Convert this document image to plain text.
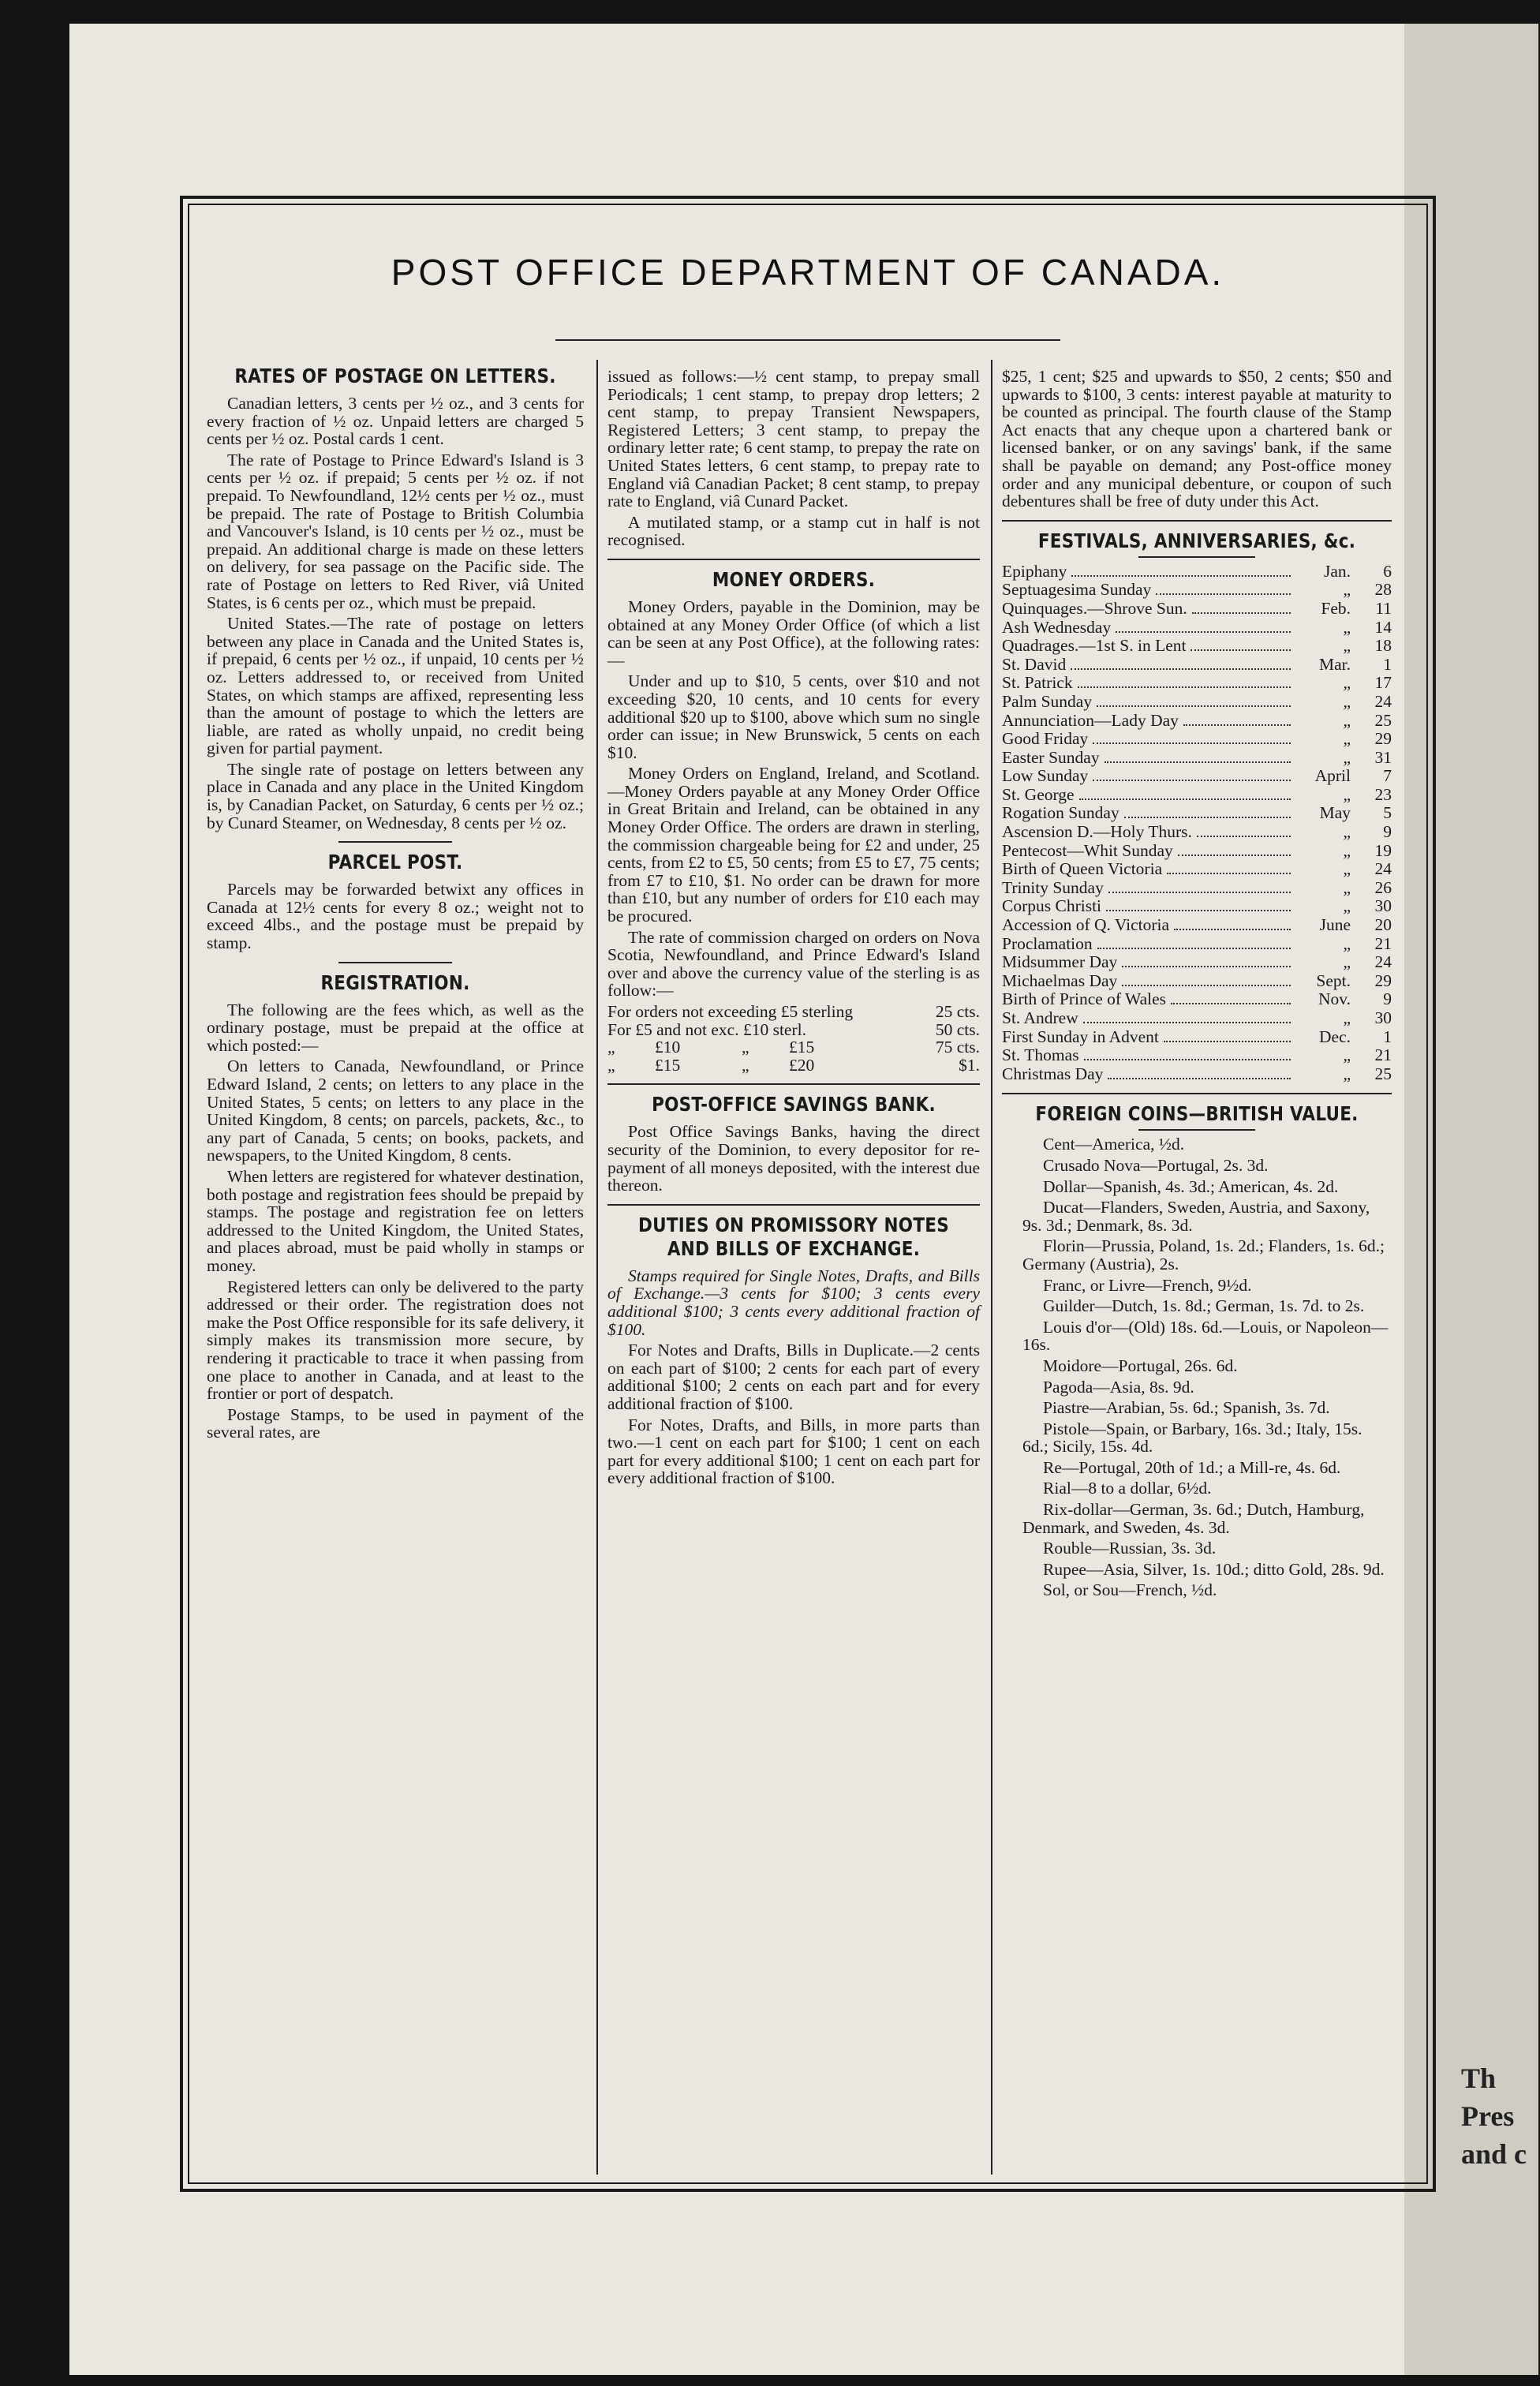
Th
Pres
and c
POST OFFICE DEPARTMENT OF CANADA.
RATES OF POSTAGE ON LETTERS.

Canadian letters, 3 cents per ½ oz., and 3 cents for every fraction of ½ oz. Unpaid letters are charged 5 cents per ½ oz. Postal cards 1 cent.

The rate of Postage to Prince Edward's Island is 3 cents per ½ oz. if prepaid; 5 cents per ½ oz. if not prepaid. To Newfoundland, 12½ cents per ½ oz., must be prepaid. The rate of Postage to British Columbia and Vancouver's Island, is 10 cents per ½ oz., must be prepaid. An additional charge is made on these letters on delivery, for sea passage on the Pacific side. The rate of Postage on letters to Red River, viâ United States, is 6 cents per oz., which must be prepaid.

United States.—The rate of postage on letters between any place in Canada and the United States is, if prepaid, 6 cents per ½ oz., if unpaid, 10 cents per ½ oz. Letters addressed to, or received from United States, on which stamps are affixed, representing less than the amount of postage to which the letters are liable, are rated as wholly unpaid, no credit being given for partial payment.

The single rate of postage on letters between any place in Canada and any place in the United Kingdom is, by Canadian Packet, on Saturday, 6 cents per ½ oz.; by Cunard Steamer, on Wednesday, 8 cents per ½ oz.

PARCEL POST.

Parcels may be forwarded betwixt any offices in Canada at 12½ cents for every 8 oz.; weight not to exceed 4lbs., and the postage must be prepaid by stamp.

REGISTRATION.

The following are the fees which, as well as the ordinary postage, must be prepaid at the office at which posted:—

On letters to Canada, Newfoundland, or Prince Edward Island, 2 cents; on letters to any place in the United States, 5 cents; on letters to any place in the United Kingdom, 8 cents; on parcels, packets, &c., to any part of Canada, 5 cents; on books, packets, and newspapers, to the United Kingdom, 8 cents.

When letters are registered for whatever destination, both postage and registration fees should be prepaid by stamps. The postage and registration fee on letters addressed to the United Kingdom, the United States, and places abroad, must be paid wholly in stamps or money.

Registered letters can only be delivered to the party addressed or their order. The registration does not make the Post Office responsible for its safe delivery, it simply makes its transmission more secure, by rendering it practicable to trace it when passing from one place to another in Canada, and at least to the frontier or port of despatch.

Postage Stamps, to be used in payment of the several rates, are

issued as follows:—½ cent stamp, to prepay small Periodicals; 1 cent stamp, to prepay drop letters; 2 cent stamp, to prepay Transient Newspapers, Registered Letters; 3 cent stamp, to prepay the ordinary letter rate; 6 cent stamp, to prepay the rate on United States letters, 6 cent stamp, to prepay rate to England viâ Canadian Packet; 8 cent stamp, to prepay rate to England, viâ Cunard Packet.

A mutilated stamp, or a stamp cut in half is not recognised.

MONEY ORDERS.

Money Orders, payable in the Dominion, may be obtained at any Money Order Office (of which a list can be seen at any Post Office), at the following rates:—

Under and up to $10, 5 cents, over $10 and not exceeding $20, 10 cents, and 10 cents for every additional $20 up to $100, above which sum no single order can issue; in New Brunswick, 5 cents on each $10.

Money Orders on England, Ireland, and Scotland.—Money Orders payable at any Money Order Office in Great Britain and Ireland, can be obtained in any Money Order Office. The orders are drawn in sterling, the commission chargeable being for £2 and under, 25 cents, from £2 to £5, 50 cents; from £5 to £7, 75 cents; from £7 to £10, $1. No order can be drawn for more than £10, but any number of orders for £10 each may be procured.

The rate of commission charged on orders on Nova Scotia, Newfoundland, and Prince Edward's Island over and above the currency value of the sterling is as follow:—

For orders not exceeding £5 sterling				25 cts.
For £5 and not exc. £10 sterl.				50 cts.
„	£10	„	£15	75 cts.
„	£15	„	£20	$1.
POST-OFFICE SAVINGS BANK.

Post Office Savings Banks, having the direct security of the Dominion, to every depositor for re-payment of all moneys deposited, with the interest due thereon.

DUTIES ON PROMISSORY NOTES AND BILLS OF EXCHANGE.

Stamps required for Single Notes, Drafts, and Bills of Exchange.—3 cents for $100; 3 cents every additional $100; 3 cents every additional fraction of $100.

For Notes and Drafts, Bills in Duplicate.—2 cents on each part of $100; 2 cents for each part of every additional $100; 2 cents on each part and for every additional fraction of $100.

For Notes, Drafts, and Bills, in more parts than two.—1 cent on each part for $100; 1 cent on each part for every additional $100; 1 cent on each part for every additional fraction of $100.

$25, 1 cent; $25 and upwards to $50, 2 cents; $50 and upwards to $100, 3 cents: interest payable at maturity to be counted as principal. The fourth clause of the Stamp Act enacts that any cheque upon a chartered bank or licensed banker, or on any savings' bank, if the same shall be payable on demand; any Post-office money order and any municipal debenture, or coupon of such debentures shall be free of duty under this Act.

FESTIVALS, ANNIVERSARIES, &c.
Epiphany	Jan.	6
Septuagesima Sunday	„	28
Quinquages.—Shrove Sun.	Feb.	11
Ash Wednesday	„	14
Quadrages.—1st S. in Lent	„	18
St. David	Mar.	1
St. Patrick	„	17
Palm Sunday	„	24
Annunciation—Lady Day	„	25
Good Friday	„	29
Easter Sunday	„	31
Low Sunday	April	7
St. George	„	23
Rogation Sunday	May	5
Ascension D.—Holy Thurs.	„	9
Pentecost—Whit Sunday	„	19
Birth of Queen Victoria	„	24
Trinity Sunday	„	26
Corpus Christi	„	30
Accession of Q. Victoria	June	20
Proclamation	„	21
Midsummer Day	„	24
Michaelmas Day	Sept.	29
Birth of Prince of Wales	Nov.	9
St. Andrew	„	30
First Sunday in Advent	Dec.	1
St. Thomas	„	21
Christmas Day	„	25
FOREIGN COINS—BRITISH VALUE.

Cent—America, ½d.

Crusado Nova—Portugal, 2s. 3d.

Dollar—Spanish, 4s. 3d.; American, 4s. 2d.

Ducat—Flanders, Sweden, Austria, and Saxony, 9s. 3d.; Denmark, 8s. 3d.

Florin—Prussia, Poland, 1s. 2d.; Flanders, 1s. 6d.; Germany (Austria), 2s.

Franc, or Livre—French, 9½d.

Guilder—Dutch, 1s. 8d.; German, 1s. 7d. to 2s.

Louis d'or—(Old) 18s. 6d.—Louis, or Napoleon—16s.

Moidore—Portugal, 26s. 6d.

Pagoda—Asia, 8s. 9d.

Piastre—Arabian, 5s. 6d.; Spanish, 3s. 7d.

Pistole—Spain, or Barbary, 16s. 3d.; Italy, 15s. 6d.; Sicily, 15s. 4d.

Re—Portugal, 20th of 1d.; a Mill-re, 4s. 6d.

Rial—8 to a dollar, 6½d.

Rix-dollar—German, 3s. 6d.; Dutch, Hamburg, Denmark, and Sweden, 4s. 3d.

Rouble—Russian, 3s. 3d.

Rupee—Asia, Silver, 1s. 10d.; ditto Gold, 28s. 9d.

Sol, or Sou—French, ½d.
